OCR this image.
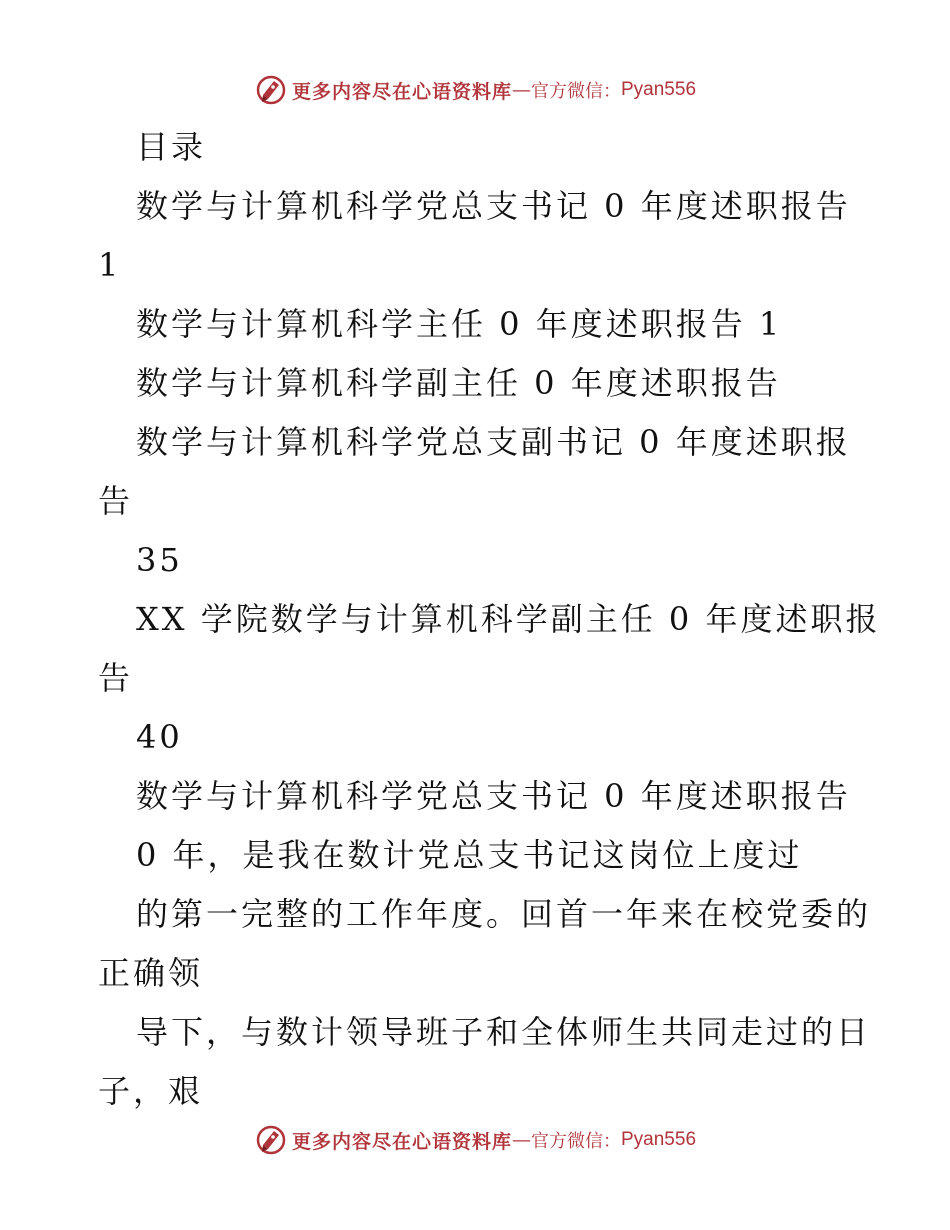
更多内容尽在心语资料库 — 官方微信： Pyan556
目录
数学与计算机科学党总支书记 0 年度述职报告
1
数学与计算机科学主任 0 年度述职报告 1
数学与计算机科学副主任 0 年度述职报告
数学与计算机科学党总支副书记 0 年度述职报
告
35
XX 学院数学与计算机科学副主任 0 年度述职报
告
40
数学与计算机科学党总支书记 0 年度述职报告
0 年，是我在数计党总支书记这岗位上度过
的第一完整的工作年度。回首一年来在校党委的
正确领
导下，与数计领导班子和全体师生共同走过的日
子，艰
更多内容尽在心语资料库 — 官方微信： Pyan556
